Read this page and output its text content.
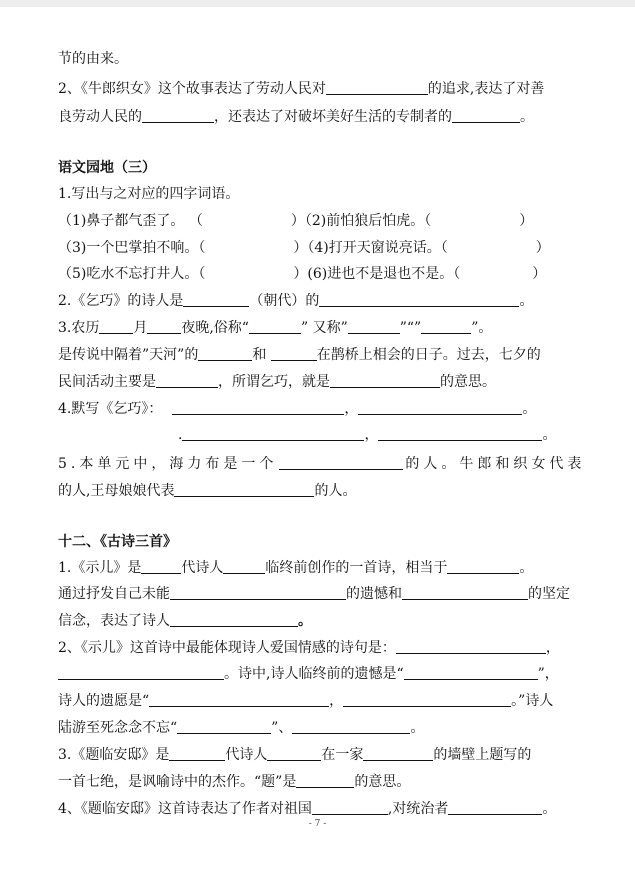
节的由来。
2、《牛郎织女》这个故事表达了劳动人民对	的追求,表达了对善
良劳动人民的	，还表达了对破坏美好生活的专制者的	。
语文园地（三）
1.写出与之对应的四字词语。
（1)鼻子都气歪了。 （	）（2)前怕狼后怕虎。（	）
（3)一个巴掌拍不响。（	）（4)打开天窗说亮话。（	）
（5)吃水不忘打井人。（	）(6)进也不是退也不是。（	）
2.《乞巧》的诗人是	（朝代）的	。
3.农历 月 夜晚,俗称“	” 又称”	”“”	”。
是传说中隔着”天河”的	和	在鹊桥上相会的日子。过去，七夕的
民间活动主要是	，所谓乞巧，就是	的意思。
4.默写《乞巧》：	，	。
.	，	。
5.本单元中，海力布是一个	的人。牛郎和织女代表
的人,王母娘娘代表	的人。
十二、《古诗三首》
1.《示儿》是	代诗人	临终前创作的一首诗，相当于	。
通过抒发自己未能	的遗憾和	的坚定
信念，表达了诗人	。
2、《示儿》这首诗中最能体现诗人爱国情感的诗句是：	，
。诗中,诗人临终前的遗憾是“	”，
诗人的遗愿是“	，	。”诗人
陆游至死念念不忘“	”、	。
3.《题临安邸》是	代诗人	在一家	的墙壁上题写的
一首七绝，是讽喻诗中的杰作。“题”是	的意思。
4、《题临安邸》这首诗表达了作者对祖国	,对统治者	。
- 7 -
